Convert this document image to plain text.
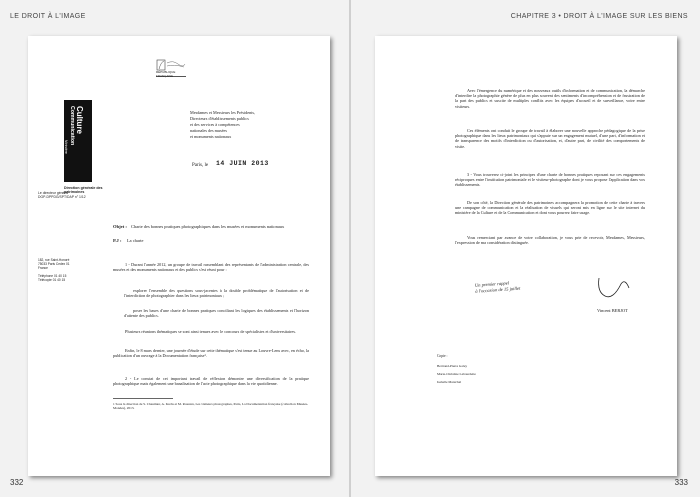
LE DROIT À L'IMAGE
RÉPUBLIQUE FRANÇAISE
Culture
Communication
Ministère
Direction générale des patrimoines
Mesdames et Messieurs les Présidents,
Directeurs d'établissements publics
et des services à compétences
nationales des musées
et monuments nationaux
Paris, le 14 JUIN 2013
Le directeur général
DGP-DPPDG/SPT/DAP n° 1/12
Objet : Charte des bonnes pratiques photographiques dans les musées et monuments nationaux
P.J : La charte
182, rue Saint-Honoré
75033 Paris Cedex 01
France

Téléphone 01 40 15
Télécopie 01 40 15
1 - Durant l'année 2012, un groupe de travail rassemblant des représentants de l'administration centrale, des musées et des monuments nationaux et des publics s'est réuni pour :
explorer l'ensemble des questions sous-jacentes à la double problématique de l'autorisation et de l'interdiction de photographier dans les lieux patrimoniaux ;
poser les bases d'une charte de bonnes pratiques conciliant les logiques des établissements et l'horizon d'attente des publics.
Plusieurs réunions thématiques se sont ainsi tenues avec le concours de spécialistes et d'universitaires.
Enfin, le 8 mars dernier, une journée d'étude sur cette thématique s'est tenue au Louvre-Lens avec, en écho, la publication d'un ouvrage à la Documentation française¹.
2 - Le constat de cet important travail de réflexion démontre une diversification de la pratique photographique mais également une banalisation de l'acte photographique dans la vie quotidienne.
1 Sous la direction de S. Chaumier, A. Krebs et M. Roustan, Les visiteurs photographes, Paris, La Documentation française (collection Musées-Mondes), 2013.
332
CHAPITRE 3 • DROIT À L'IMAGE SUR LES BIENS
Avec l'émergence du numérique et des nouveaux outils d'information et de communication, la démarche d'interdire la photographie génère de plus en plus souvent des sentiments d'incompréhension et de frustration de la part des publics et suscite de multiples conflits avec les équipes d'accueil et de surveillance, voire entre visiteurs.
Ces éléments ont conduit le groupe de travail à élaborer une nouvelle approche pédagogique de la prise photographique dans les lieux patrimoniaux qui s'appuie sur un engagement mutuel, d'une part, d'information et de transparence des motifs d'interdiction ou d'autorisation, et, d'autre part, de civilité des comportements de visite.
3 - Vous trouverez ci-joint les principes d'une charte de bonnes pratiques reposant sur ces engagements réciproques entre l'institution patrimoniale et le visiteur-photographe dont je vous propose l'application dans vos établissements.
De son côté, la Direction générale des patrimoines accompagnera la promotion de cette charte à travers une campagne de communication et la réalisation de visuels qui seront mis en ligne sur le site internet du ministère de la Culture et de la Communication et dont vous pourrez faire usage.
Vous remerciant par avance de votre collaboration, je vous prie de recevoir, Mesdames, Messieurs, l'expression de ma considération distinguée.
Un premier rappel
à l'occasion de 15 juillet
Vincent BERJOT
Copie :
Bertrand-Pierre Galey
Marie-Christine Labourdette
Isabelle Maréchal
333
